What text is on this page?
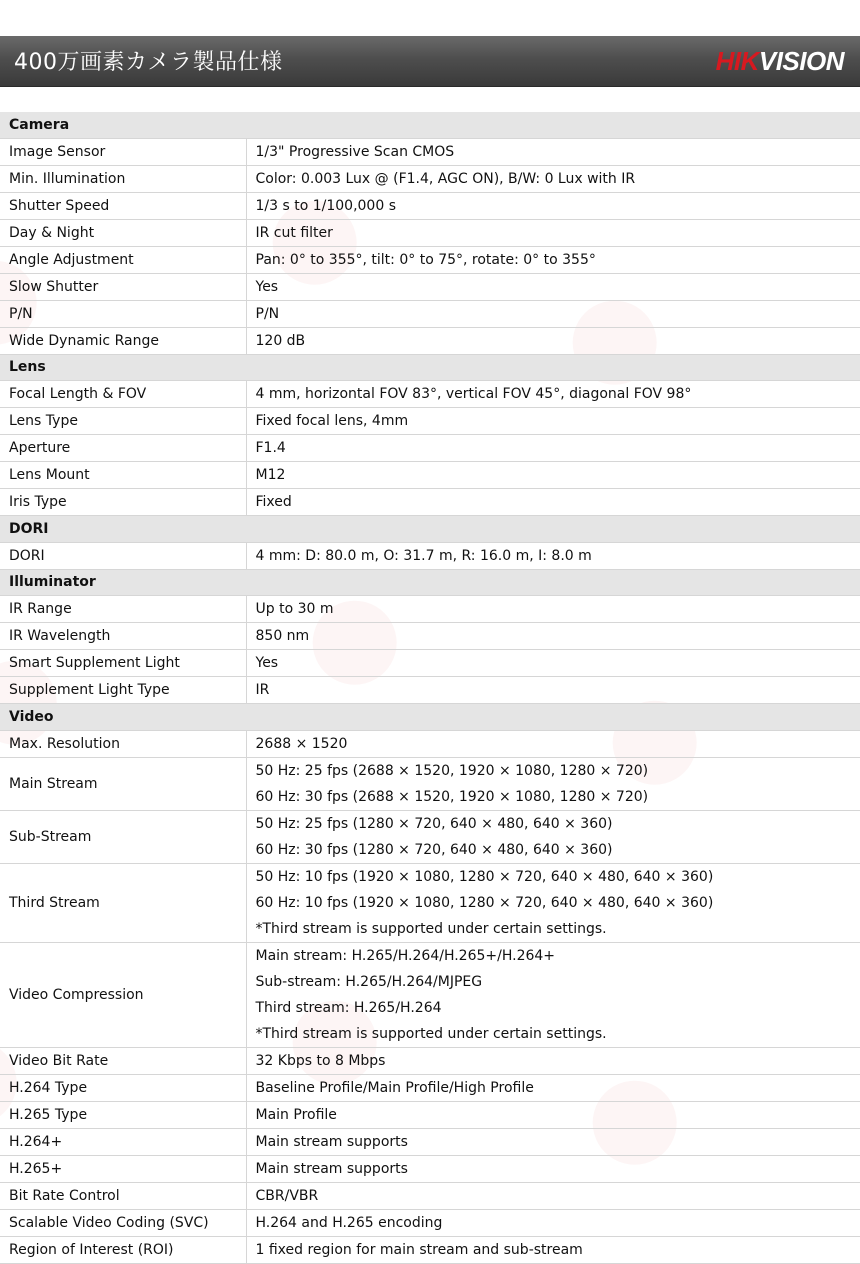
400万画素カメラ製品仕様	HIKVISION
Camera	
Image Sensor	1/3" Progressive Scan CMOS

Min. Illumination	Color: 0.003 Lux @ (F1.4, AGC ON), B/W: 0 Lux with IR

Shutter Speed	1/3 s to 1/100,000 s

Day & Night	IR cut filter

Angle Adjustment	Pan: 0° to 355°, tilt: 0° to 75°, rotate: 0° to 355°

Slow Shutter	Yes

P/N	P/N

Wide Dynamic Range	120 dB

Lens	
Focal Length & FOV	4 mm, horizontal FOV 83°, vertical FOV 45°, diagonal FOV 98°

Lens Type	Fixed focal lens, 4mm

Aperture	F1.4

Lens Mount	M12

Iris Type	Fixed

DORI	
DORI	4 mm: D: 80.0 m, O: 31.7 m, R: 16.0 m, I: 8.0 m

Illuminator	
IR Range	Up to 30 m

IR Wavelength	850 nm

Smart Supplement Light	Yes

Supplement Light Type	IR

Video	
Max. Resolution	2688 × 1520

Main Stream	50 Hz: 25 fps (2688 × 1520, 1920 × 1080, 1280 × 720)
60 Hz: 30 fps (2688 × 1520, 1920 × 1080, 1280 × 720)

Sub-Stream	50 Hz: 25 fps (1280 × 720, 640 × 480, 640 × 360)
60 Hz: 30 fps (1280 × 720, 640 × 480, 640 × 360)

Third Stream	50 Hz: 10 fps (1920 × 1080, 1280 × 720, 640 × 480, 640 × 360)
60 Hz: 10 fps (1920 × 1080, 1280 × 720, 640 × 480, 640 × 360)
*Third stream is supported under certain settings.

Video Compression	Main stream: H.265/H.264/H.265+/H.264+
Sub-stream: H.265/H.264/MJPEG
Third stream: H.265/H.264
*Third stream is supported under certain settings.

Video Bit Rate	32 Kbps to 8 Mbps

H.264 Type	Baseline Profile/Main Profile/High Profile

H.265 Type	Main Profile

H.264+	Main stream supports

H.265+	Main stream supports

Bit Rate Control	CBR/VBR

Scalable Video Coding (SVC)	H.264 and H.265 encoding

Region of Interest (ROI)	1 fixed region for main stream and sub-stream
